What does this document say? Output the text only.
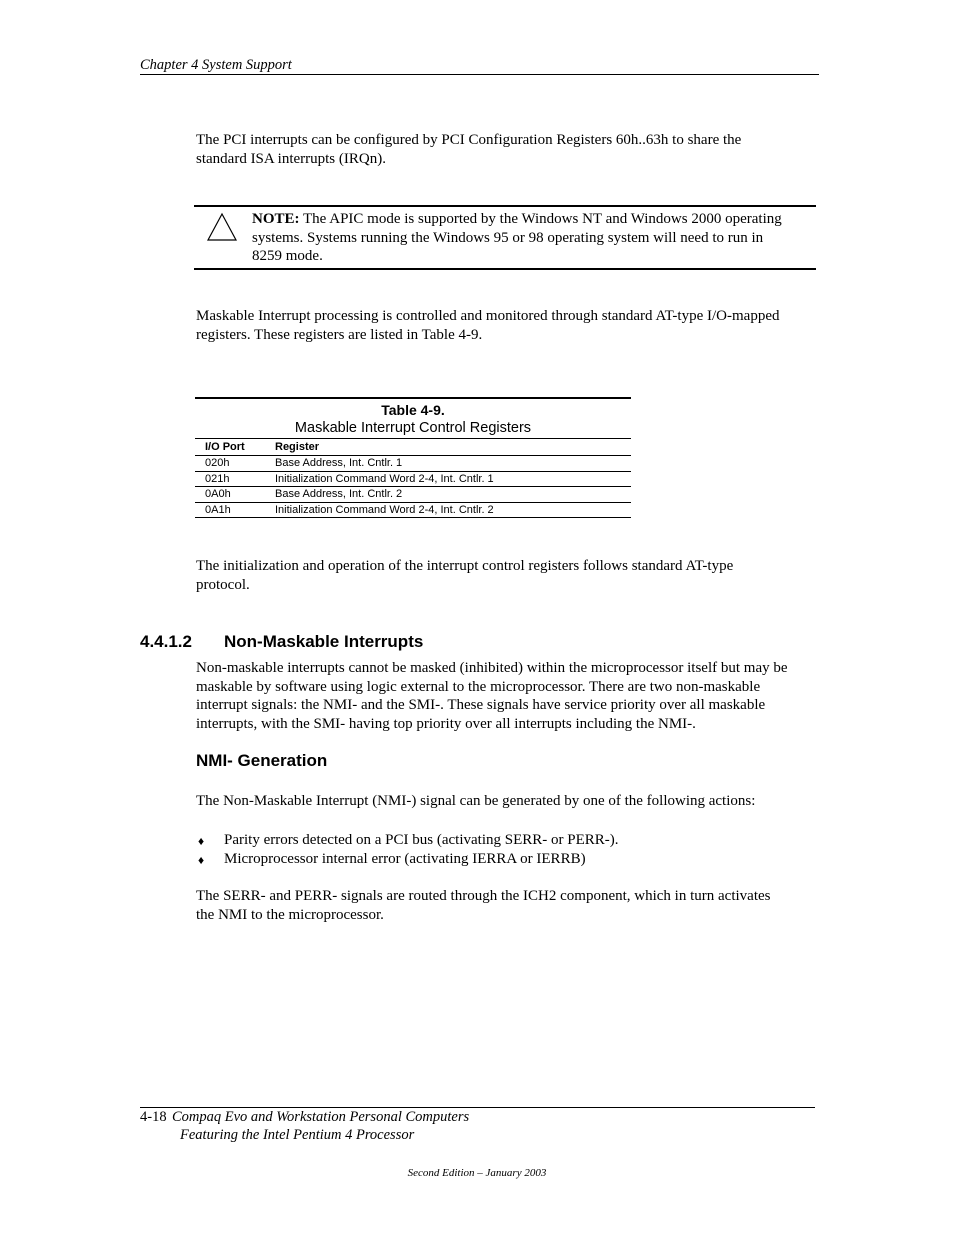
Chapter 4 System Support
The PCI interrupts can be configured by PCI Configuration Registers 60h..63h to share the
standard ISA interrupts (IRQn).
NOTE: The APIC mode is supported by the Windows NT and Windows 2000 operating
systems. Systems running the Windows 95 or 98 operating system will need to run in
8259 mode.
Maskable Interrupt processing is controlled and monitored through standard AT-type I/O-mapped
registers. These registers are listed in Table 4-9.
Table 4-9.
Maskable Interrupt Control Registers
I/O Port	Register
020h	Base Address, Int. Cntlr. 1
021h	Initialization Command Word 2-4, Int. Cntlr. 1
0A0h	Base Address, Int. Cntlr. 2
0A1h	Initialization Command Word 2-4, Int. Cntlr. 2
The initialization and operation of the interrupt control registers follows standard AT-type
protocol.
4.4.1.2 Non-Maskable Interrupts
Non-maskable interrupts cannot be masked (inhibited) within the microprocessor itself but may be
maskable by software using logic external to the microprocessor. There are two non-maskable
interrupt signals: the NMI- and the SMI-. These signals have service priority over all maskable
interrupts, with the SMI- having top priority over all interrupts including the NMI-.
NMI- Generation
The Non-Maskable Interrupt (NMI-) signal can be generated by one of the following actions:
♦ Parity errors detected on a PCI bus (activating SERR- or PERR-).
♦ Microprocessor internal error (activating IERRA or IERRB)
The SERR- and PERR- signals are routed through the ICH2 component, which in turn activates
the NMI to the microprocessor.
4-18 Compaq Evo and Workstation Personal Computers
Featuring the Intel Pentium 4 Processor
Second Edition – January 2003
